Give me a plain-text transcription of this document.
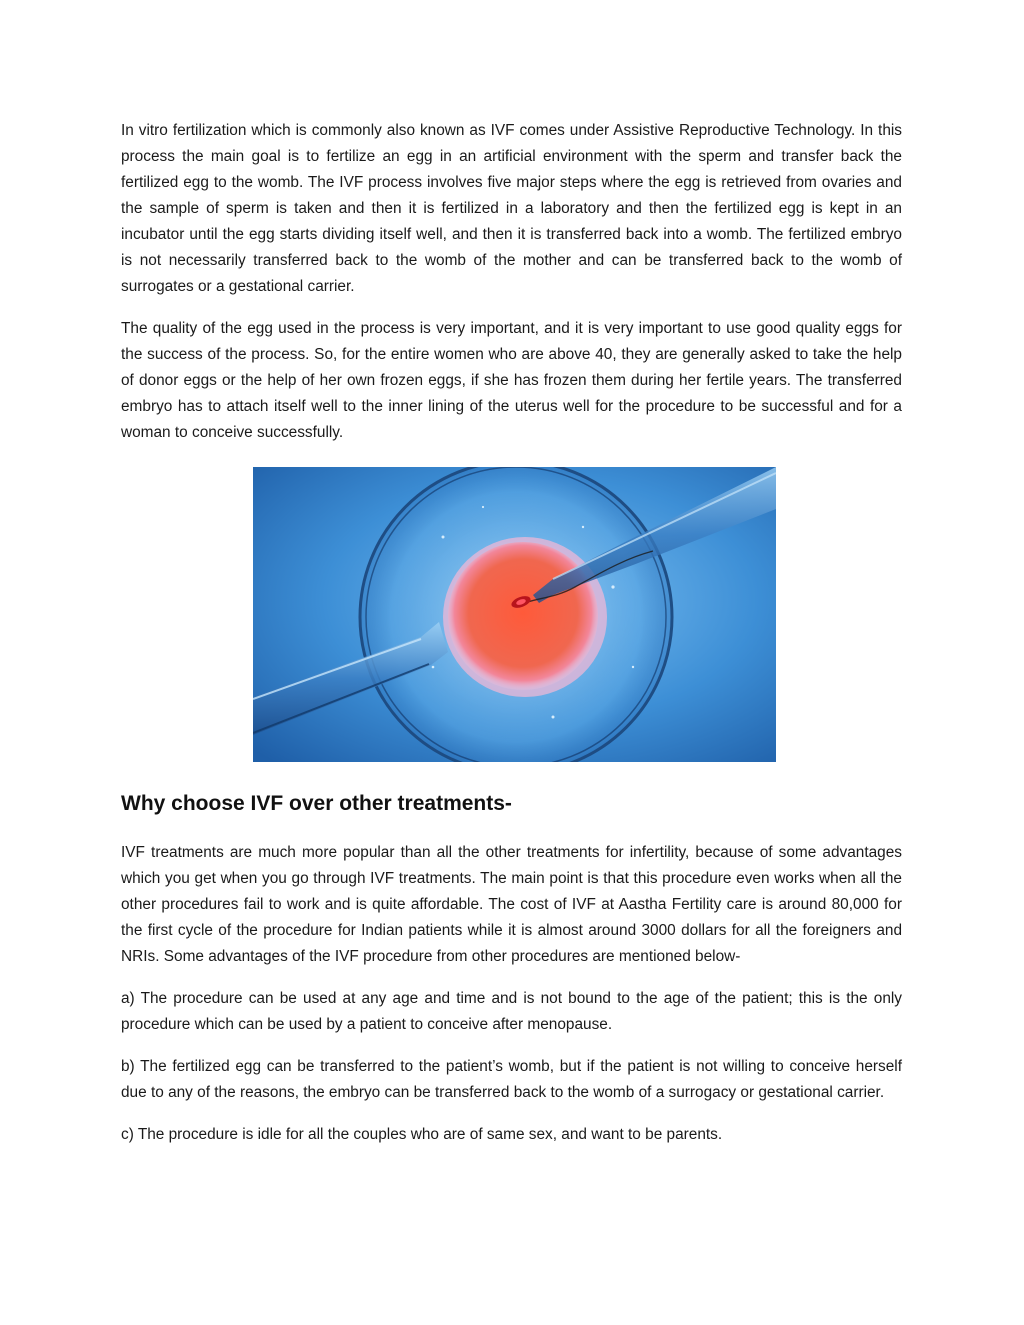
In vitro fertilization which is commonly also known as IVF comes under Assistive Reproductive Technology. In this process the main goal is to fertilize an egg in an artificial environment with the sperm and transfer back the fertilized egg to the womb. The IVF process involves five major steps where the egg is retrieved from ovaries and the sample of sperm is taken and then it is fertilized in a laboratory and then the fertilized egg is kept in an incubator until the egg starts dividing itself well, and then it is transferred back into a womb. The fertilized embryo is not necessarily transferred back to the womb of the mother and can be transferred back to the womb of surrogates or a gestational carrier.

The quality of the egg used in the process is very important, and it is very important to use good quality eggs for the success of the process. So, for the entire women who are above 40, they are generally asked to take the help of donor eggs or the help of her own frozen eggs, if she has frozen them during her fertile years. The transferred embryo has to attach itself well to the inner lining of the uterus well for the procedure to be successful and for a woman to conceive successfully.

Why choose IVF over other treatments-

IVF treatments are much more popular than all the other treatments for infertility, because of some advantages which you get when you go through IVF treatments. The main point is that this procedure even works when all the other procedures fail to work and is quite affordable. The cost of IVF at Aastha Fertility care is around 80,000 for the first cycle of the procedure for Indian patients while it is almost around 3000 dollars for all the foreigners and NRIs. Some advantages of the IVF procedure from other procedures are mentioned below-

a) The procedure can be used at any age and time and is not bound to the age of the patient; this is the only procedure which can be used by a patient to conceive after menopause.

b) The fertilized egg can be transferred to the patient’s womb, but if the patient is not willing to conceive herself due to any of the reasons, the embryo can be transferred back to the womb of a surrogacy or gestational carrier.

c) The procedure is idle for all the couples who are of same sex, and want to be parents.
